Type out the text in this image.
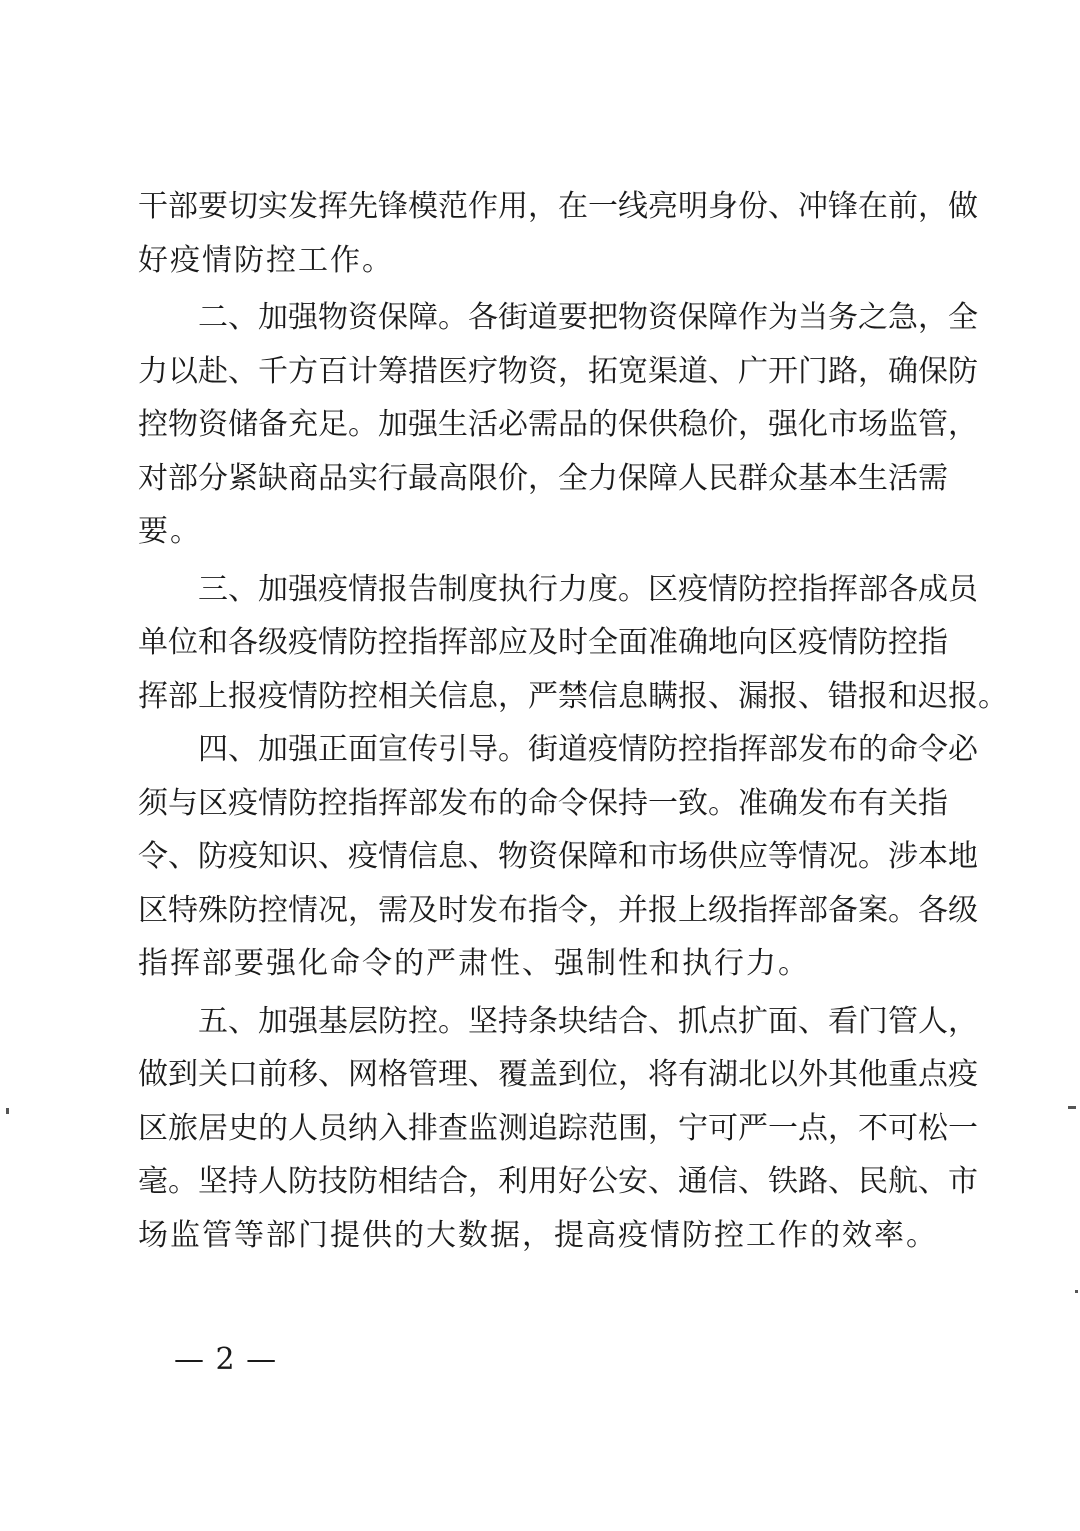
干部要切实发挥先锋模范作用，在一线亮明身份、冲锋在前，做
好疫情防控工作。
二、加强物资保障。各街道要把物资保障作为当务之急，全
力以赴、千方百计筹措医疗物资，拓宽渠道、广开门路，确保防
控物资储备充足。加强生活必需品的保供稳价，强化市场监管，
对部分紧缺商品实行最高限价，全力保障人民群众基本生活需
要。
三、加强疫情报告制度执行力度。区疫情防控指挥部各成员
单位和各级疫情防控指挥部应及时全面准确地向区疫情防控指
挥部上报疫情防控相关信息，严禁信息瞒报、漏报、错报和迟报。
四、加强正面宣传引导。街道疫情防控指挥部发布的命令必
须与区疫情防控指挥部发布的命令保持一致。准确发布有关指
令、防疫知识、疫情信息、物资保障和市场供应等情况。涉本地
区特殊防控情况，需及时发布指令，并报上级指挥部备案。各级
指挥部要强化命令的严肃性、强制性和执行力。
五、加强基层防控。坚持条块结合、抓点扩面、看门管人，
做到关口前移、网格管理、覆盖到位，将有湖北以外其他重点疫
区旅居史的人员纳入排查监测追踪范围，宁可严一点，不可松一
毫。坚持人防技防相结合，利用好公安、通信、铁路、民航、市
场监管等部门提供的大数据，提高疫情防控工作的效率。
— 2 —
